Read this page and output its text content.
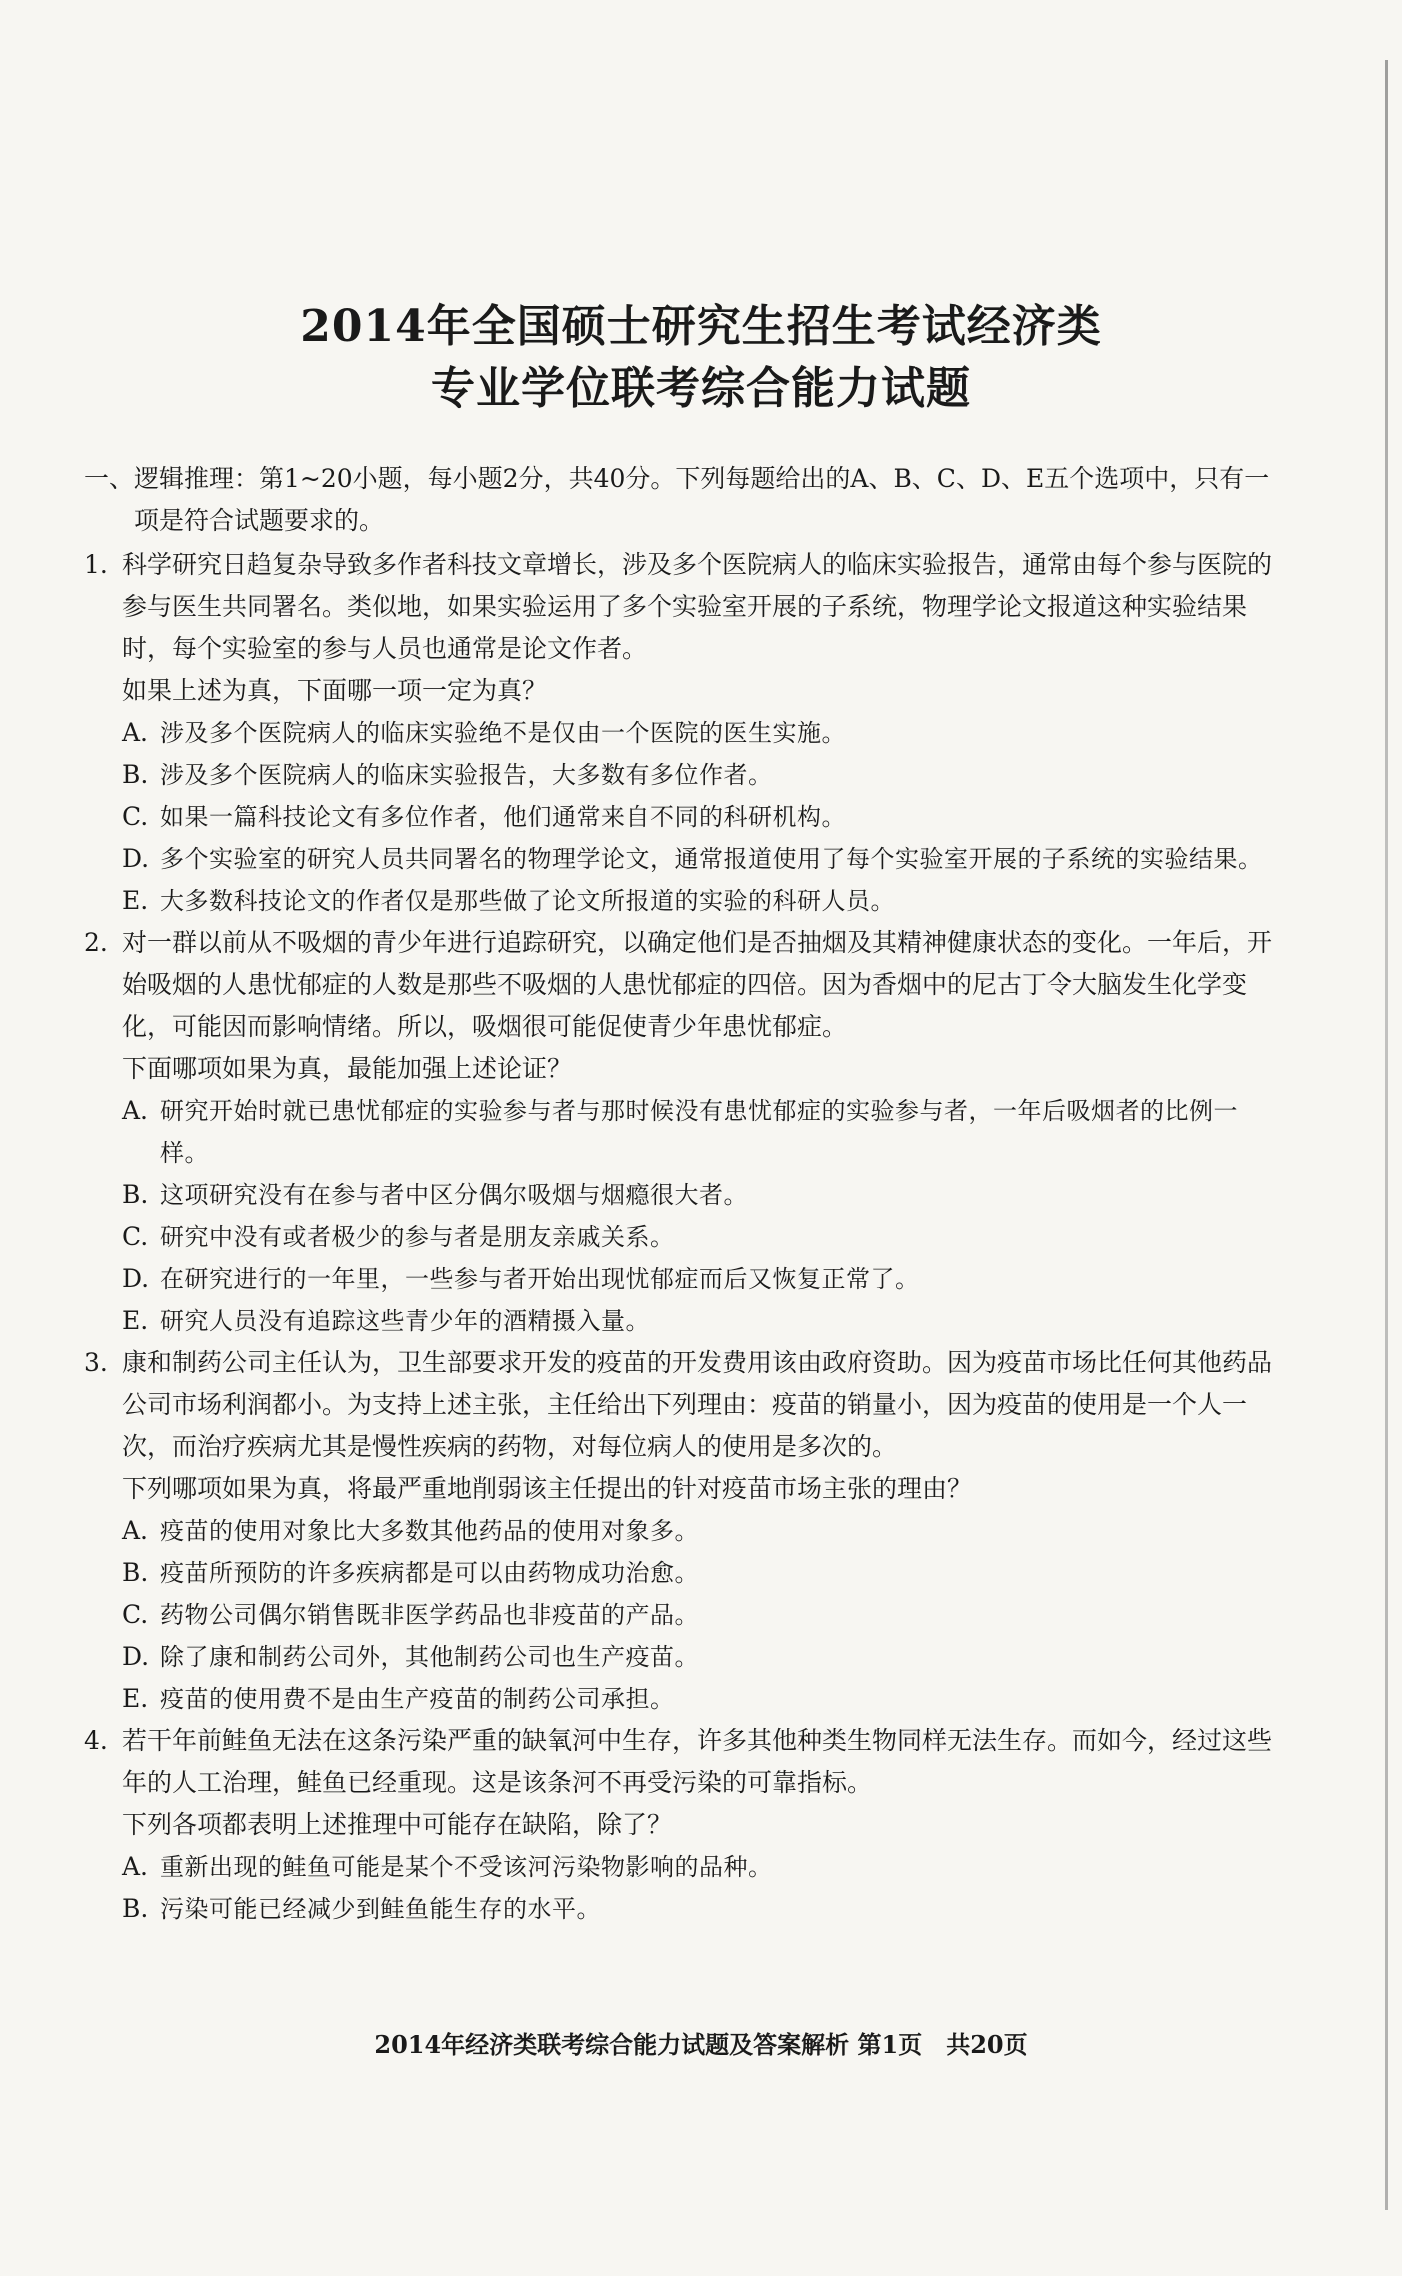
2014年全国硕士研究生招生考试经济类
专业学位联考综合能力试题
一、 逻辑推理：第1~20小题，每小题2分，共40分。下列每题给出的A、B、C、D、E五个选项中，只有一项是符合试题要求的。
1. 科学研究日趋复杂导致多作者科技文章增长，涉及多个医院病人的临床实验报告，通常由每个参与医院的参与医生共同署名。类似地，如果实验运用了多个实验室开展的子系统，物理学论文报道这种实验结果时，每个实验室的参与人员也通常是论文作者。
如果上述为真，下面哪一项一定为真？
A. 涉及多个医院病人的临床实验绝不是仅由一个医院的医生实施。
B. 涉及多个医院病人的临床实验报告，大多数有多位作者。
C. 如果一篇科技论文有多位作者，他们通常来自不同的科研机构。
D. 多个实验室的研究人员共同署名的物理学论文，通常报道使用了每个实验室开展的子系统的实验结果。
E. 大多数科技论文的作者仅是那些做了论文所报道的实验的科研人员。
2. 对一群以前从不吸烟的青少年进行追踪研究，以确定他们是否抽烟及其精神健康状态的变化。一年后，开始吸烟的人患忧郁症的人数是那些不吸烟的人患忧郁症的四倍。因为香烟中的尼古丁令大脑发生化学变化，可能因而影响情绪。所以，吸烟很可能促使青少年患忧郁症。
下面哪项如果为真，最能加强上述论证？
A. 研究开始时就已患忧郁症的实验参与者与那时候没有患忧郁症的实验参与者，一年后吸烟者的比例一样。
B. 这项研究没有在参与者中区分偶尔吸烟与烟瘾很大者。
C. 研究中没有或者极少的参与者是朋友亲戚关系。
D. 在研究进行的一年里，一些参与者开始出现忧郁症而后又恢复正常了。
E. 研究人员没有追踪这些青少年的酒精摄入量。
3. 康和制药公司主任认为，卫生部要求开发的疫苗的开发费用该由政府资助。因为疫苗市场比任何其他药品公司市场利润都小。为支持上述主张，主任给出下列理由：疫苗的销量小，因为疫苗的使用是一个人一次，而治疗疾病尤其是慢性疾病的药物，对每位病人的使用是多次的。
下列哪项如果为真，将最严重地削弱该主任提出的针对疫苗市场主张的理由？
A. 疫苗的使用对象比大多数其他药品的使用对象多。
B. 疫苗所预防的许多疾病都是可以由药物成功治愈。
C. 药物公司偶尔销售既非医学药品也非疫苗的产品。
D. 除了康和制药公司外，其他制药公司也生产疫苗。
E. 疫苗的使用费不是由生产疫苗的制药公司承担。
4. 若干年前鲑鱼无法在这条污染严重的缺氧河中生存，许多其他种类生物同样无法生存。而如今，经过这些年的人工治理，鲑鱼已经重现。这是该条河不再受污染的可靠指标。
下列各项都表明上述推理中可能存在缺陷，除了？
A. 重新出现的鲑鱼可能是某个不受该河污染物影响的品种。
B. 污染可能已经减少到鲑鱼能生存的水平。
2014年经济类联考综合能力试题及答案解析 第1页　共20页
